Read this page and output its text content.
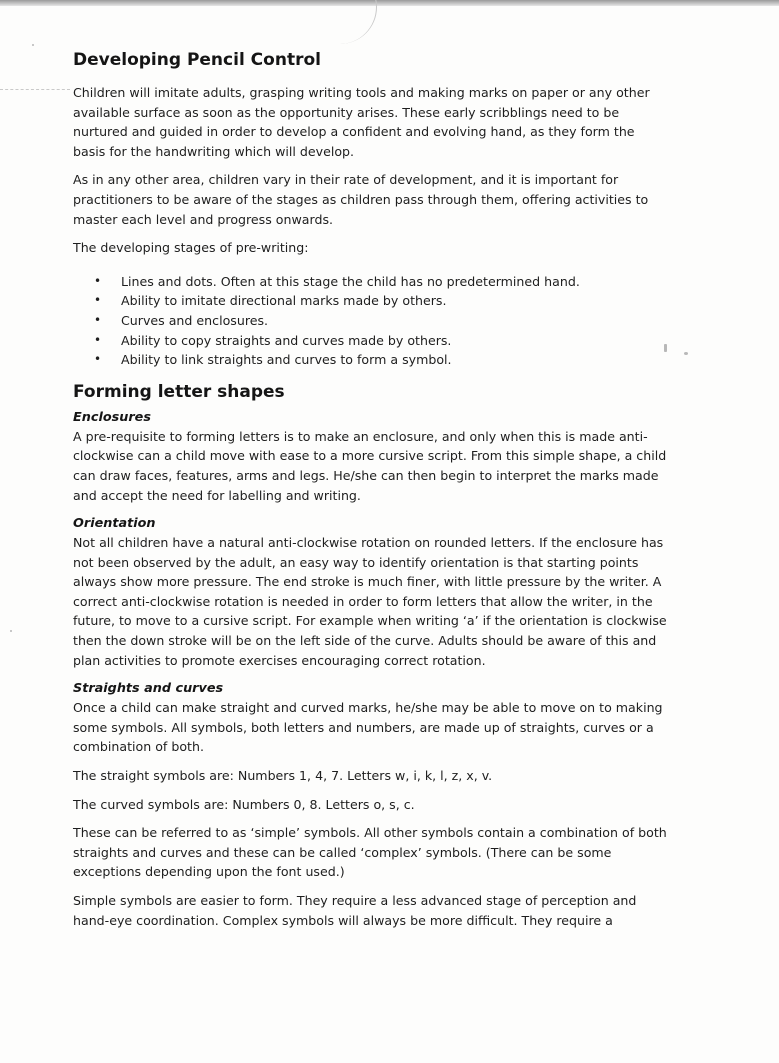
Developing Pencil Control

Children will imitate adults, grasping writing tools and making marks on paper or any other available surface as soon as the opportunity arises. These early scribblings need to be nurtured and guided in order to develop a confident and evolving hand, as they form the basis for the handwriting which will develop.

As in any other area, children vary in their rate of development, and it is important for practitioners to be aware of the stages as children pass through them, offering activities to master each level and progress onwards.

The developing stages of pre-writing:

• Lines and dots. Often at this stage the child has no predetermined hand.
• Ability to imitate directional marks made by others.
• Curves and enclosures.
• Ability to copy straights and curves made by others.
• Ability to link straights and curves to form a symbol.
Forming letter shapes
Enclosures

A pre-requisite to forming letters is to make an enclosure, and only when this is made anti-clockwise can a child move with ease to a more cursive script. From this simple shape, a child can draw faces, features, arms and legs. He/she can then begin to interpret the marks made and accept the need for labelling and writing.

Orientation

Not all children have a natural anti-clockwise rotation on rounded letters. If the enclosure has not been observed by the adult, an easy way to identify orientation is that starting points always show more pressure. The end stroke is much finer, with little pressure by the writer. A correct anti-clockwise rotation is needed in order to form letters that allow the writer, in the future, to move to a cursive script. For example when writing ‘a’ if the orientation is clockwise then the down stroke will be on the left side of the curve. Adults should be aware of this and plan activities to promote exercises encouraging correct rotation.

Straights and curves

Once a child can make straight and curved marks, he/she may be able to move on to making some symbols. All symbols, both letters and numbers, are made up of straights, curves or a combination of both.

The straight symbols are: Numbers 1, 4, 7. Letters w, i, k, l, z, x, v.

The curved symbols are: Numbers 0, 8. Letters o, s, c.

These can be referred to as ‘simple’ symbols. All other symbols contain a combination of both straights and curves and these can be called ‘complex’ symbols. (There can be some exceptions depending upon the font used.)

Simple symbols are easier to form. They require a less advanced stage of perception and hand-eye coordination. Complex symbols will always be more difficult. They require a
